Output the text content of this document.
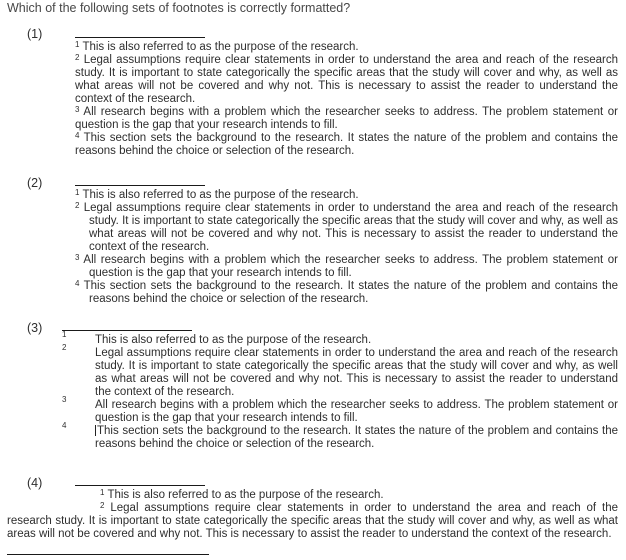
Which of the following sets of footnotes is correctly formatted?
(1)

$^1$ This is also referred to as the purpose of the research.

$^2$ Legal assumptions require clear statements in order to understand the area and reach of the research study. It is important to state categorically the specific areas that the study will cover and why, as well as what areas will not be covered and why not. This is necessary to assist the reader to understand the context of the research.

$^3$ All research begins with a problem which the researcher seeks to address. The problem statement or question is the gap that your research intends to fill.

$^4$ This section sets the background to the research. It states the nature of the problem and contains the reasons behind the choice or selection of the research.

(2)

$^1$ This is also referred to as the purpose of the research.

$^2$ Legal assumptions require clear statements in order to understand the area and reach of the research study. It is important to state categorically the specific areas that the study will cover and why, as well as what areas will not be covered and why not. This is necessary to assist the reader to understand the context of the research.

$^3$ All research begins with a problem which the researcher seeks to address. The problem statement or question is the gap that your research intends to fill.

$^4$ This section sets the background to the research. It states the nature of the problem and contains the reasons behind the choice or selection of the research.

(3) 1 This is also referred to as the purpose of the research.

2 Legal assumptions require clear statements in order to understand the area and reach of the research study. It is important to state categorically the specific areas that the study will cover and why, as well as what areas will not be covered and why not. This is necessary to assist the reader to understand the context of the research.

3 All research begins with a problem which the researcher seeks to address. The problem statement or question is the gap that your research intends to fill.

4	This section sets the background to the research. It states the nature of the problem and contains the reasons behind the choice or selection of the research.

(4)

$^1$ This is also referred to as the purpose of the research.

$^2$ Legal assumptions require clear statements in order to understand the area and reach of the research study. It is important to state categorically the specific areas that the study will cover and why, as well as what areas will not be covered and why not. This is necessary to assist the reader to understand the context of the research.
